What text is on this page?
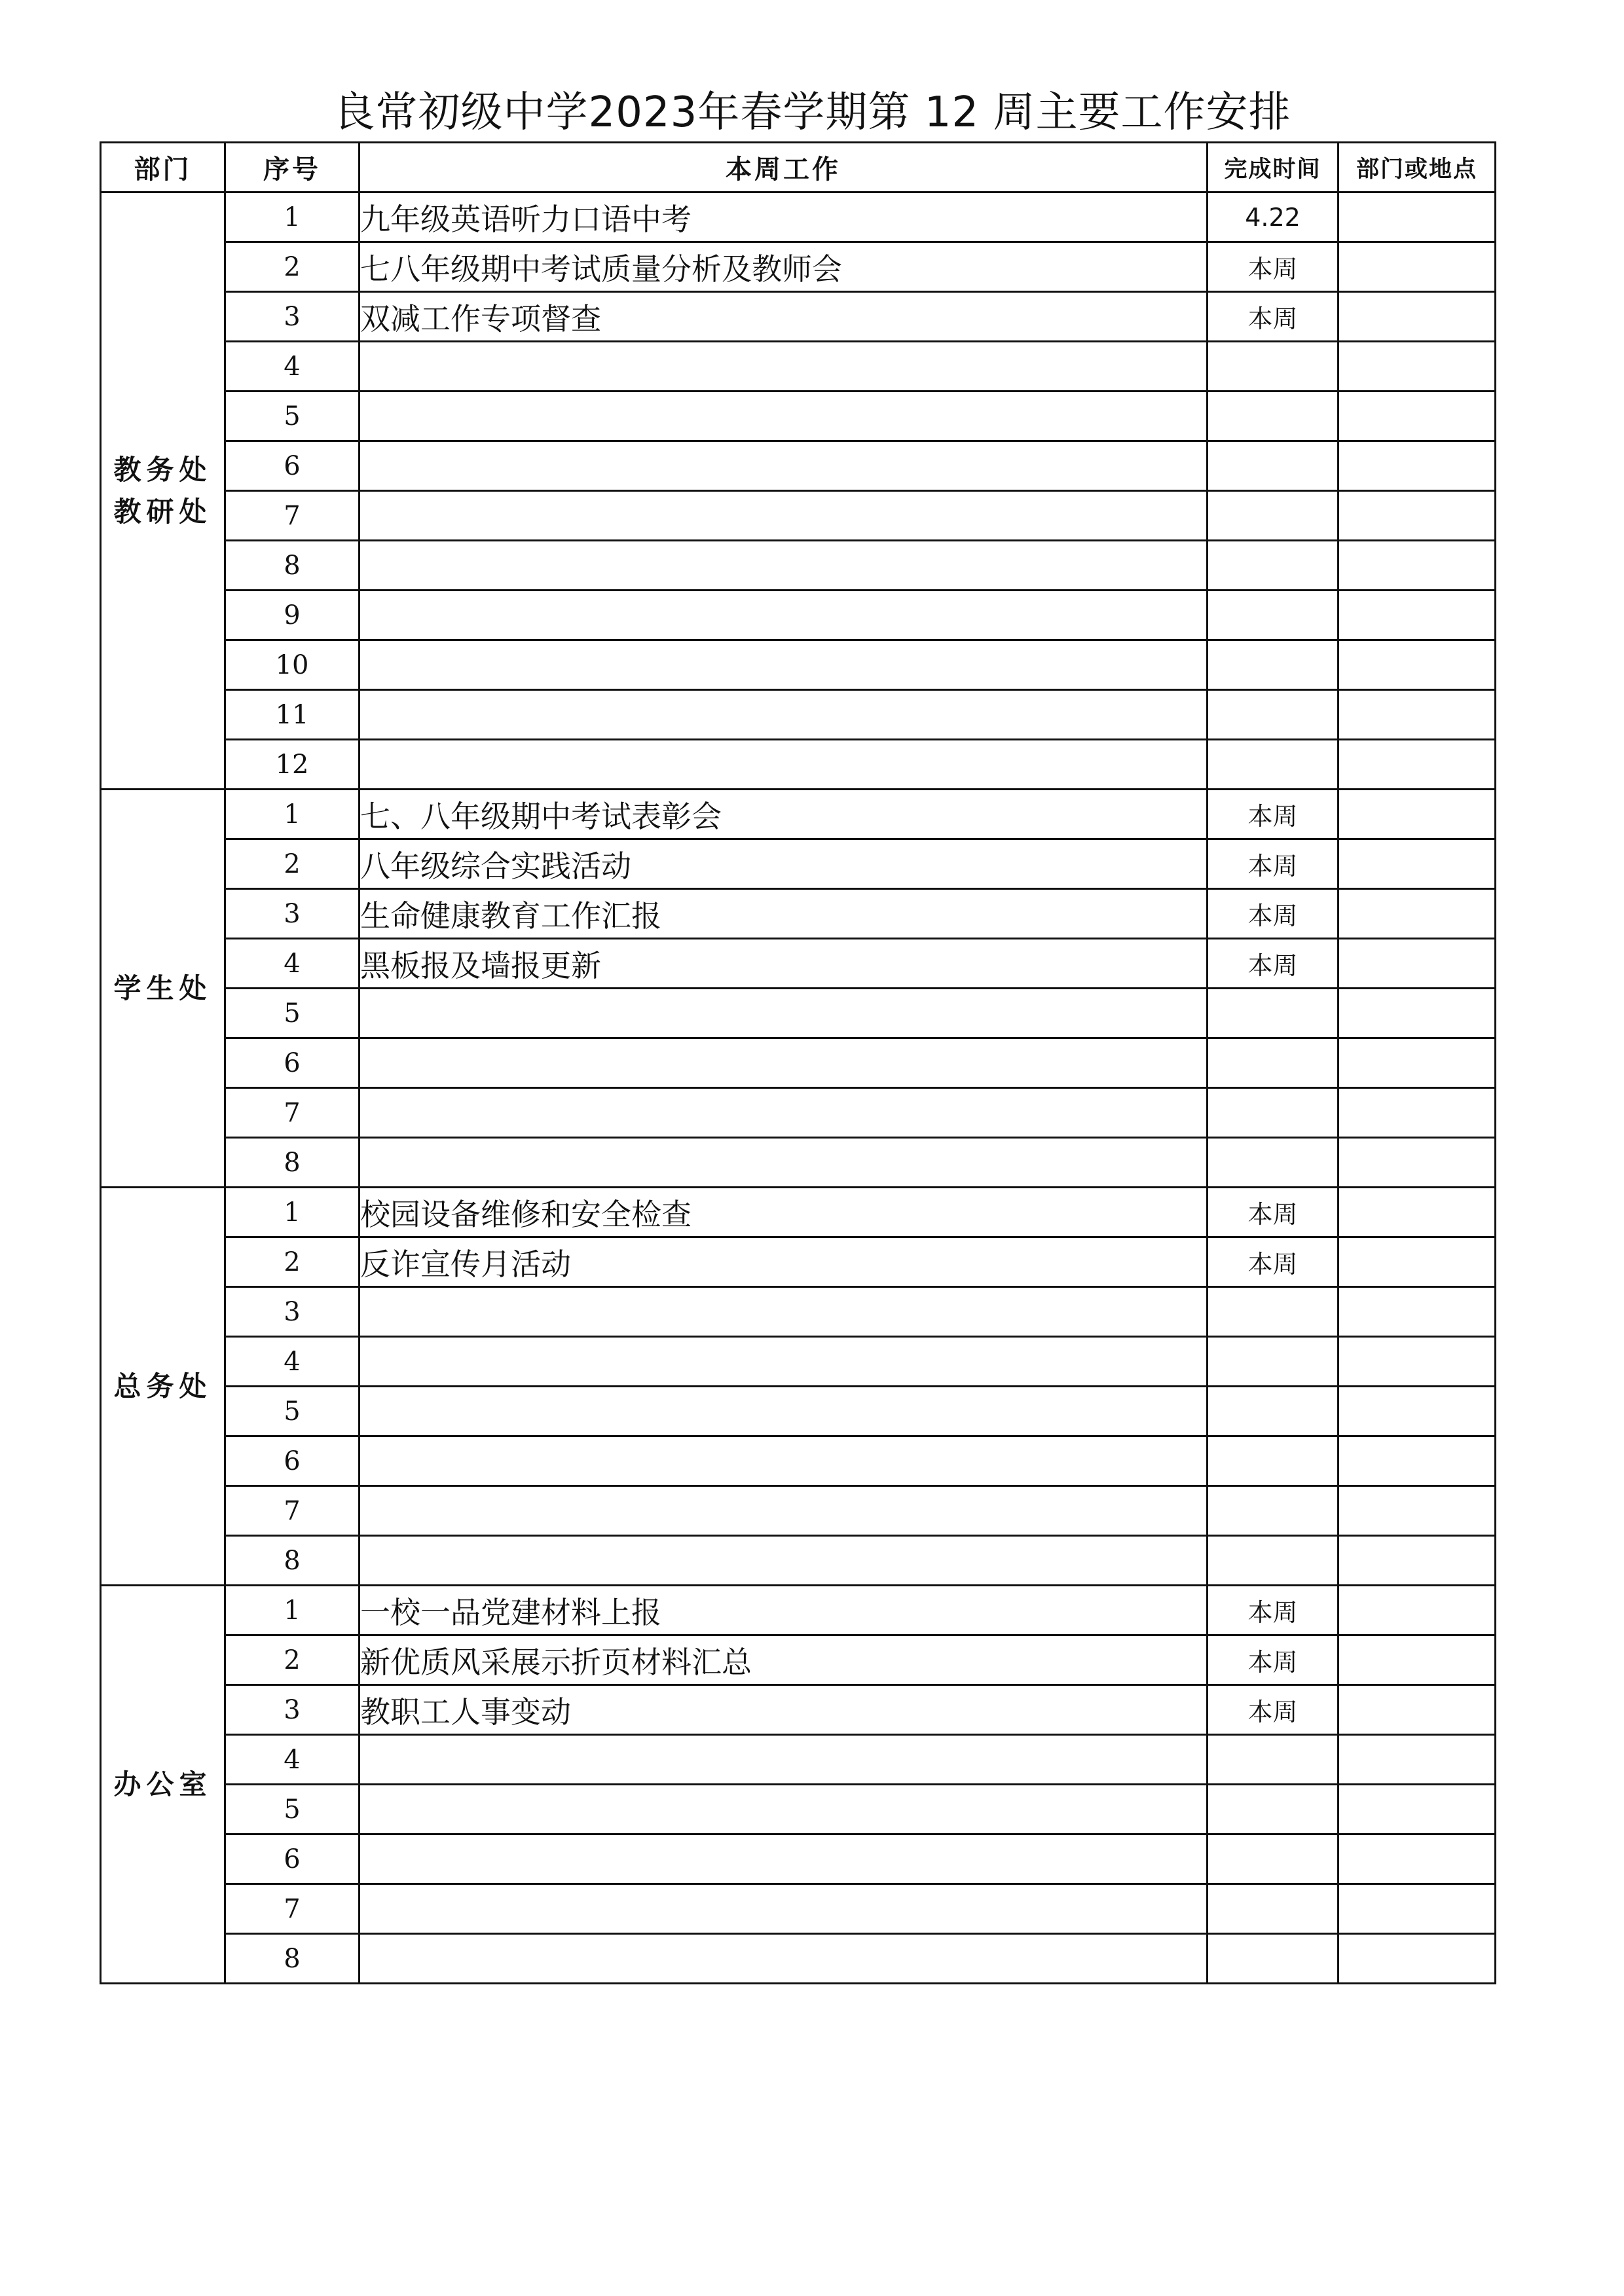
良常初级中学2023年春学期第 12 周主要工作安排
部门	序号	本周工作	完成时间	部门或地点
教务处
教研处	1	九年级英语听力口语中考	4.22	
	2	七八年级期中考试质量分析及教师会	本周	
	3	双减工作专项督查	本周	
	4			
	5			
	6			
	7			
	8			
	9			
	10			
	11			
	12			
学生处	1	七、八年级期中考试表彰会	本周	
	2	八年级综合实践活动	本周	
	3	生命健康教育工作汇报	本周	
	4	黑板报及墙报更新	本周	
	5			
	6			
	7			
	8			
总务处	1	校园设备维修和安全检查	本周	
	2	反诈宣传月活动	本周	
	3			
	4			
	5			
	6			
	7			
	8			
办公室	1	一校一品党建材料上报	本周	
	2	新优质风采展示折页材料汇总	本周	
	3	教职工人事变动	本周	
	4			
	5			
	6			
	7			
	8			
